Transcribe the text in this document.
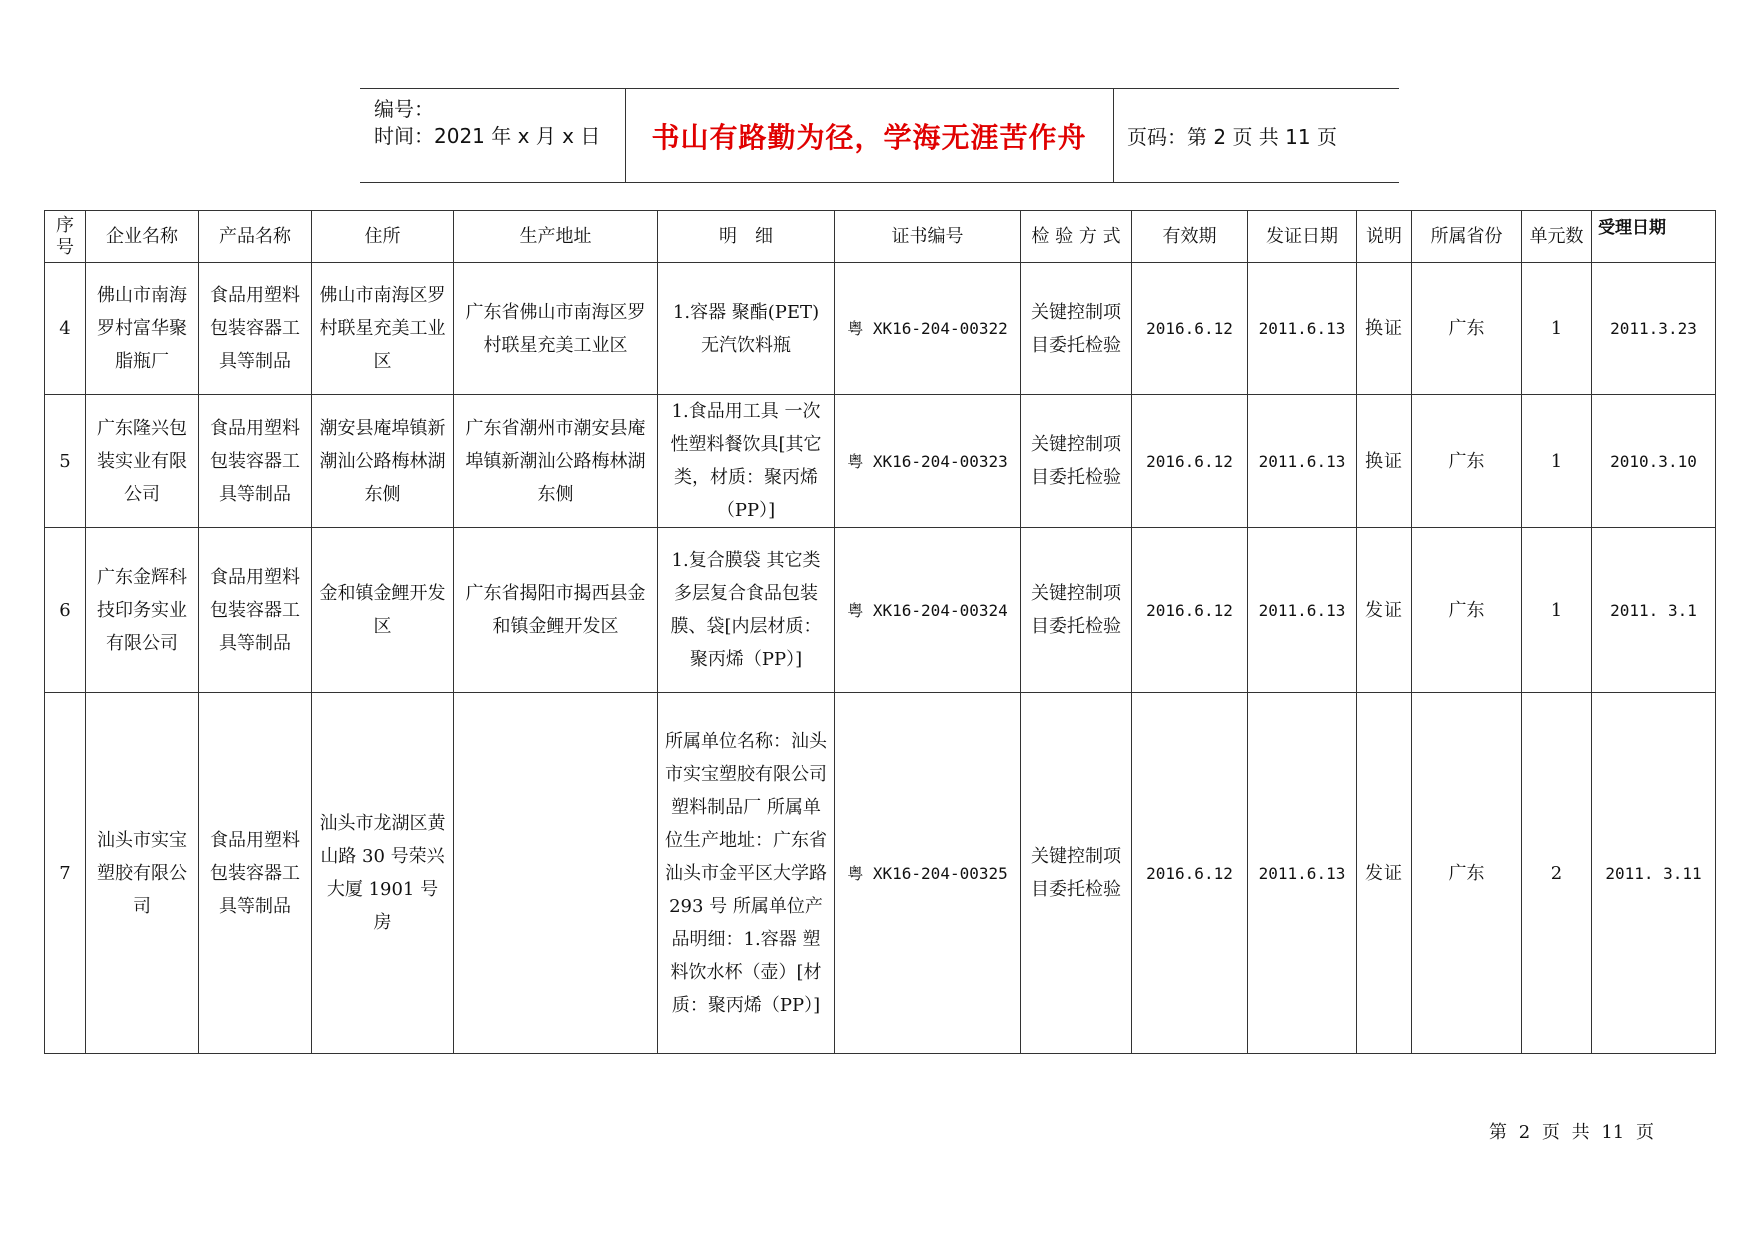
编号：
时间：2021 年 x 月 x 日 书山有路勤为径，学海无涯苦作舟 页码：第 2 页 共 11 页
序号	企业名称	产品名称	住所	生产地址	明　细	证书编号	检 验 方 式	有效期	发证日期	说明	所属省份	单元数	受理日期
4	佛山市南海罗村富华聚脂瓶厂	食品用塑料包装容器工具等制品	佛山市南海区罗村联星充美工业区	广东省佛山市南海区罗村联星充美工业区	1.容器 聚酯(PET)无汽饮料瓶	粤 XK16-204-00322	关键控制项目委托检验	2016.6.12	2011.6.13	换证	广东	1	2011.3.23
5	广东隆兴包装实业有限公司	食品用塑料包装容器工具等制品	潮安县庵埠镇新潮汕公路梅林湖东侧	广东省潮州市潮安县庵埠镇新潮汕公路梅林湖东侧	1.食品用工具 一次性塑料餐饮具[其它类，材质：聚丙烯（PP）]	粤 XK16-204-00323	关键控制项目委托检验	2016.6.12	2011.6.13	换证	广东	1	2010.3.10
6	广东金辉科技印务实业有限公司	食品用塑料包装容器工具等制品	金和镇金鲤开发区	广东省揭阳市揭西县金和镇金鲤开发区	1.复合膜袋 其它类多层复合食品包装膜、袋[内层材质：聚丙烯（PP）]	粤 XK16-204-00324	关键控制项目委托检验	2016.6.12	2011.6.13	发证	广东	1	2011. 3.1
7	汕头市实宝塑胶有限公司	食品用塑料包装容器工具等制品	汕头市龙湖区黄山路 30 号荣兴大厦 1901 号房		所属单位名称：汕头市实宝塑胶有限公司塑料制品厂 所属单位生产地址：广东省汕头市金平区大学路 293 号 所属单位产品明细：1.容器 塑料饮水杯（壶）[材质：聚丙烯（PP）]	粤 XK16-204-00325	关键控制项目委托检验	2016.6.12	2011.6.13	发证	广东	2	2011. 3.11
第 2 页 共 11 页
